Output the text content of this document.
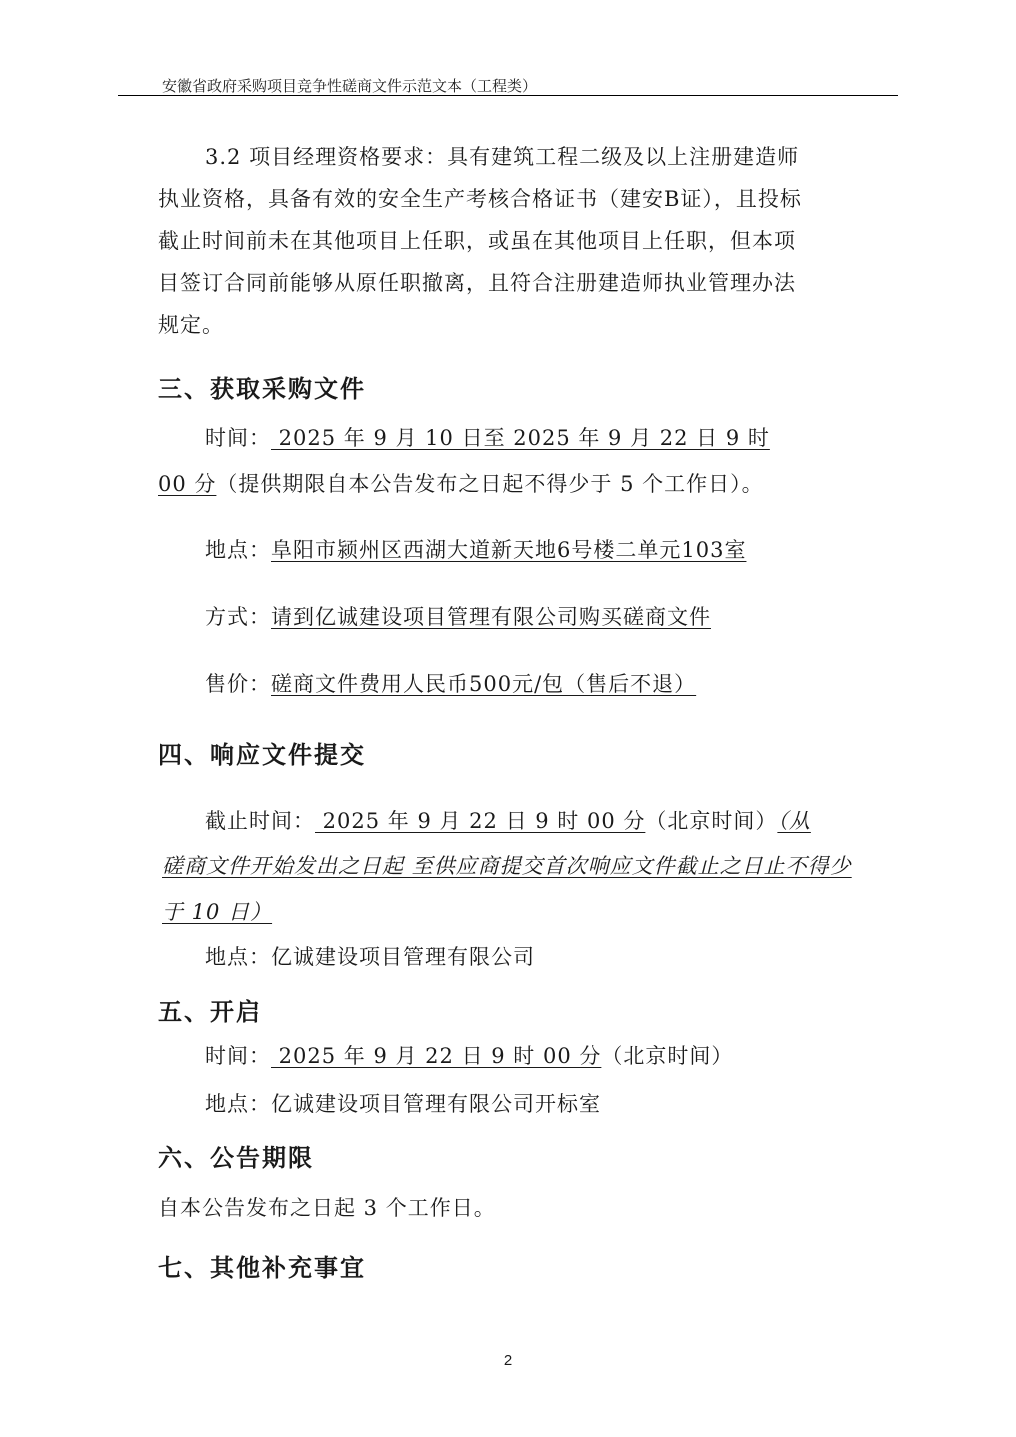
安徽省政府采购项目竞争性磋商文件示范文本（工程类）
3.2 项目经理资格要求：具有建筑工程二级及以上注册建造师
执业资格，具备有效的安全生产考核合格证书（建安B证），且投标
截止时间前未在其他项目上任职，或虽在其他项目上任职，但本项
目签订合同前能够从原任职撤离，且符合注册建造师执业管理办法
规定。
三、获取采购文件
时间： 2025 年 9 月 10 日至 2025 年 9 月 22 日 9 时
00 分（提供期限自本公告发布之日起不得少于 5 个工作日）。
地点：阜阳市颍州区西湖大道新天地6号楼二单元103室
方式：请到亿诚建设项目管理有限公司购买磋商文件
售价：磋商文件费用人民币500元/包（售后不退）
四、响应文件提交
截止时间： 2025 年 9 月 22 日 9 时 00 分（北京时间）（从
磋商文件开始发出之日起 至供应商提交首次响应文件截止之日止不得少
于 10 日）
地点：亿诚建设项目管理有限公司
五、开启
时间： 2025 年 9 月 22 日 9 时 00 分（北京时间）
地点：亿诚建设项目管理有限公司开标室
六、公告期限
自本公告发布之日起 3 个工作日。
七、其他补充事宜
2
